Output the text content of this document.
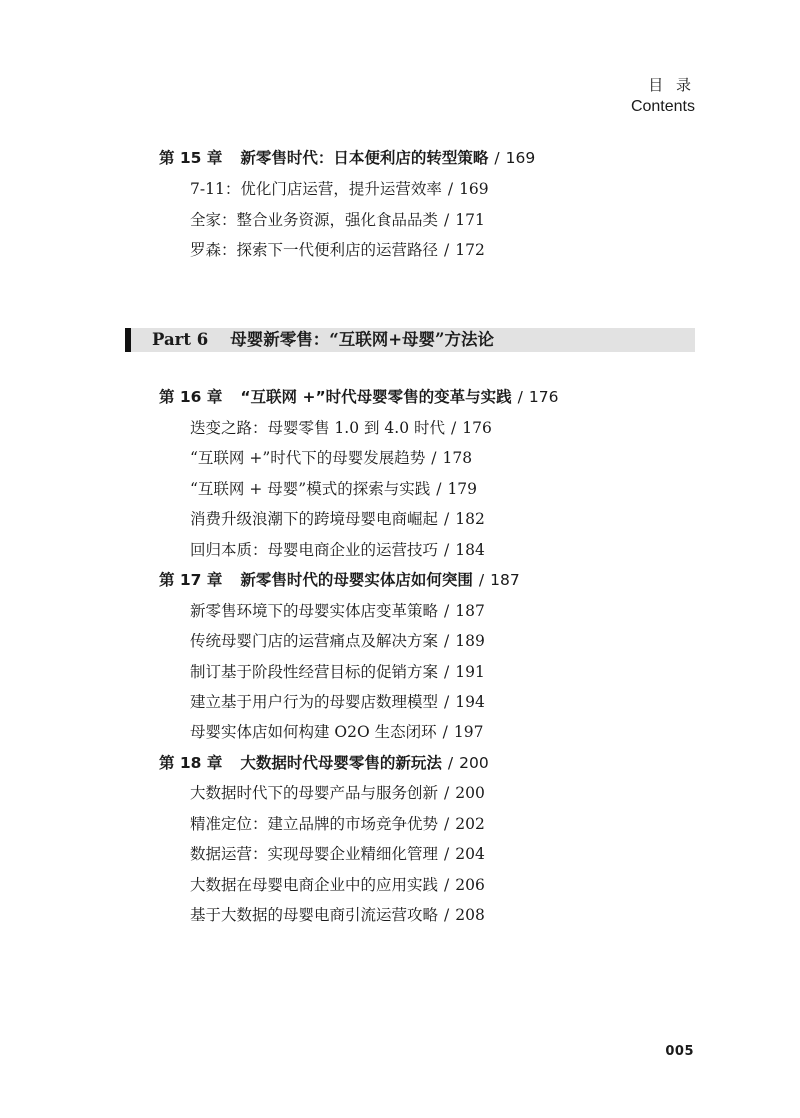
目 录
Contents
Part 6 母婴新零售：“互联网+母婴”方法论
第 15 章 新零售时代：日本便利店的转型策略 / 169
7-11：优化门店运营，提升运营效率 / 169
全家：整合业务资源，强化食品品类 / 171
罗森：探索下一代便利店的运营路径 / 172
第 16 章 “互联网 +”时代母婴零售的变革与实践 / 176
迭变之路：母婴零售 1.0 到 4.0 时代 / 176
“互联网 +”时代下的母婴发展趋势 / 178
“互联网 + 母婴”模式的探索与实践 / 179
消费升级浪潮下的跨境母婴电商崛起 / 182
回归本质：母婴电商企业的运营技巧 / 184
第 17 章 新零售时代的母婴实体店如何突围 / 187
新零售环境下的母婴实体店变革策略 / 187
传统母婴门店的运营痛点及解决方案 / 189
制订基于阶段性经营目标的促销方案 / 191
建立基于用户行为的母婴店数理模型 / 194
母婴实体店如何构建 O2O 生态闭环 / 197
第 18 章 大数据时代母婴零售的新玩法 / 200
大数据时代下的母婴产品与服务创新 / 200
精准定位：建立品牌的市场竞争优势 / 202
数据运营：实现母婴企业精细化管理 / 204
大数据在母婴电商企业中的应用实践 / 206
基于大数据的母婴电商引流运营攻略 / 208
005
